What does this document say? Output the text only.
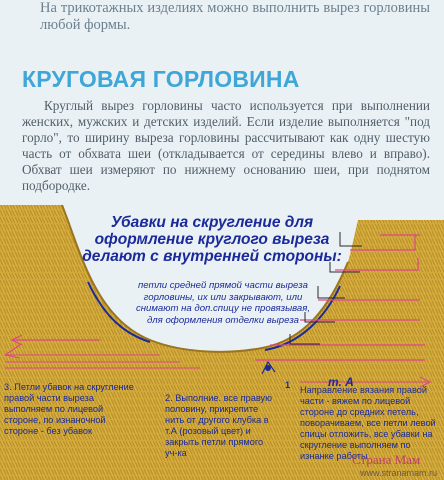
На трикотажных изделиях можно выполнить вырез горловины любой формы.
КРУГОВАЯ ГОРЛОВИНА
Круглый вырез горловины часто используется при выполнении женских, мужских и детских изделий. Если изделие выполняется "под горло", то ширину выреза горловины рассчитывают как одну шестую часть от обхвата шеи (откладывается от середины влево и вправо). Обхват шеи измеряют по нижнему основанию шеи, при поднятом подбородке.
Убавки на скругление для оформление круглого выреза делают с внутренней стороны:
петли средней прямой части выреза горловины, их или закрывают, или снимают на доп.спицу не провязывая, для оформления отделки выреза
т. А
3. Петли убавок на скругление правой части выреза выполняем по лицевой стороне, по изнаночной стороне - без убавок
2. Выполние. все правую половину, прикрепите нить от другого клубка в т.А (розовый цвет) и закрыть петли прямого уч-ка
1 Направление вязания правой части - вяжем по лицевой стороне до средних петель, поворачиваем, все петли левой спицы отложить, все убавки на скругление выполняем по изнанке работы
Страна Мам
www.stranamam.ru
